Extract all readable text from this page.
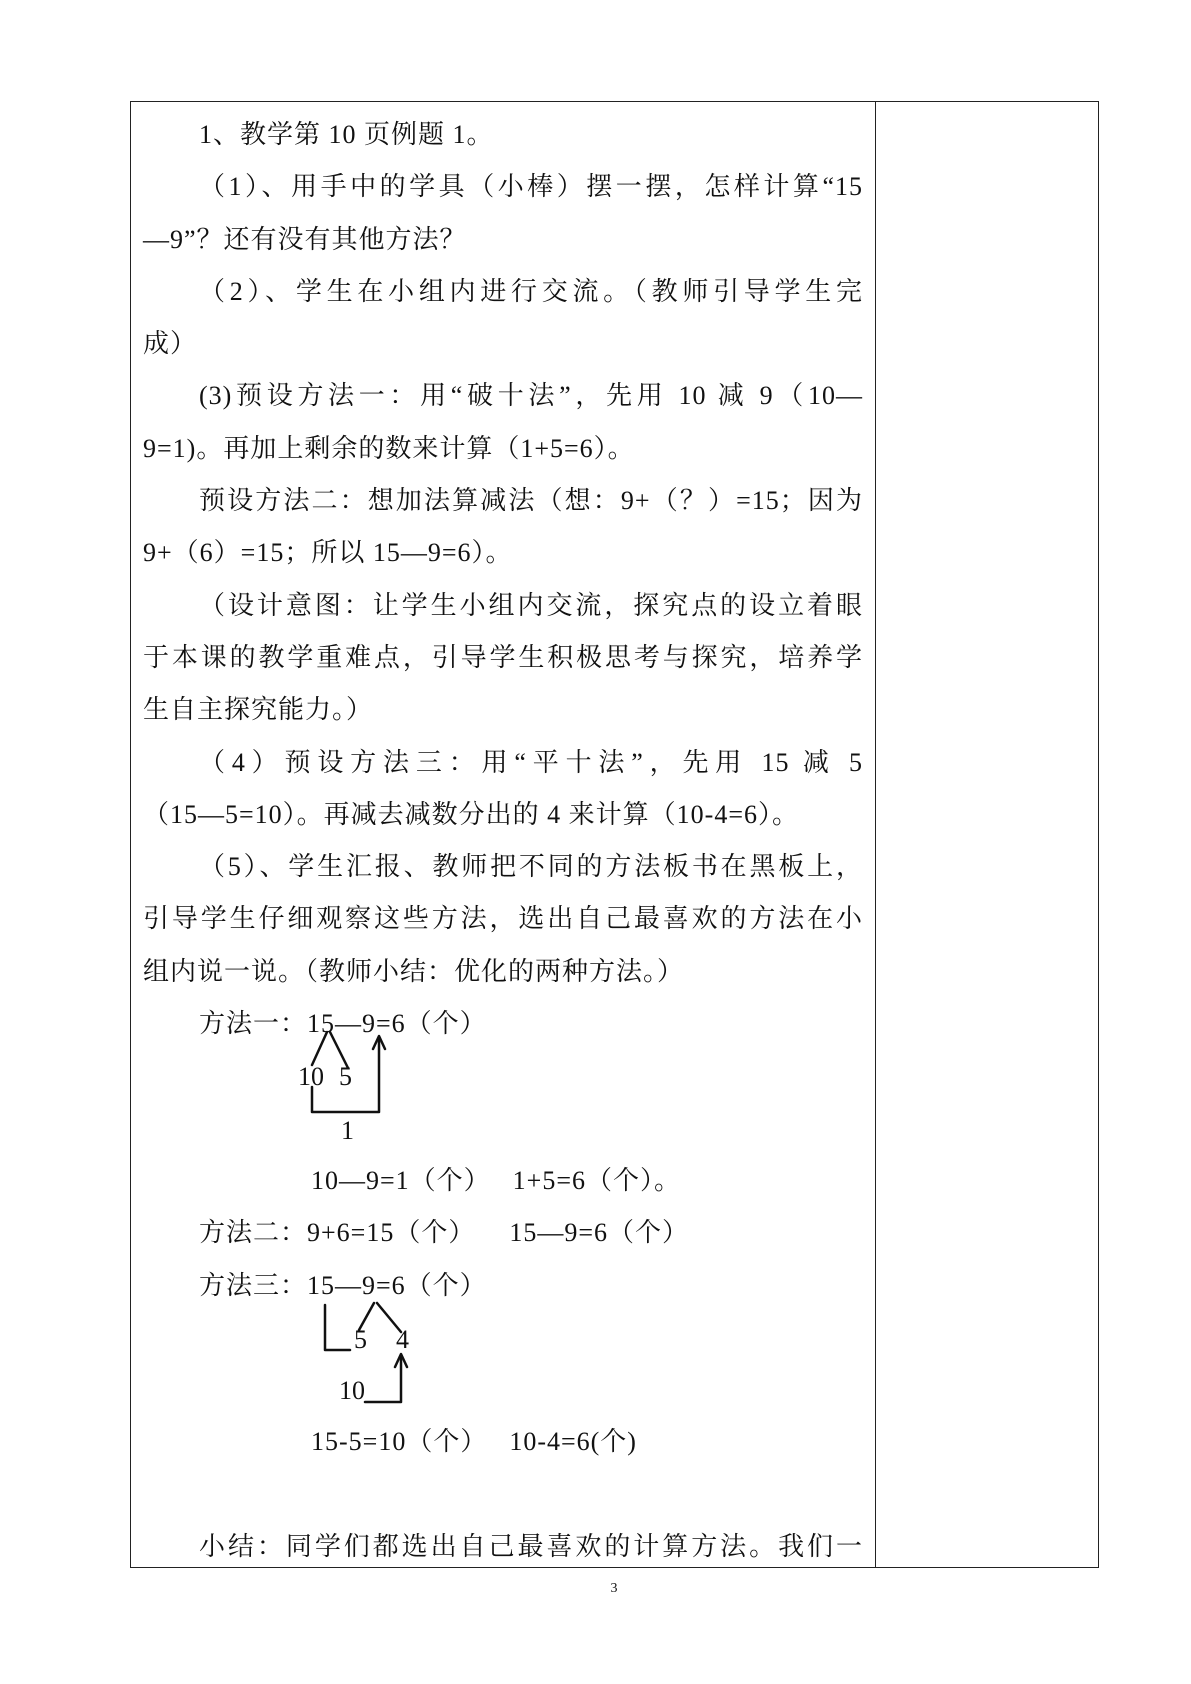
1、教学第 10 页例题 1。
（1）、用手中的学具（小棒）摆一摆，怎样计算“15
—9”？还有没有其他方法？
（2）、学生在小组内进行交流。（教师引导学生完
成）
(3)预设方法一：用“破十法”，先用 10 减 9（10—
9=1)。再加上剩余的数来计算（1+5=6）。
预设方法二：想加法算减法（想：9+（？）=15；因为
9+（6）=15；所以 15—9=6）。
（设计意图：让学生小组内交流，探究点的设立着眼
于本课的教学重难点，引导学生积极思考与探究，培养学
生自主探究能力。）
（4）预设方法三：用“平十法”，先用 15 减 5
（15—5=10）。再减去减数分出的 4 来计算（10-4=6）。
（5）、学生汇报、教师把不同的方法板书在黑板上，
引导学生仔细观察这些方法，选出自己最喜欢的方法在小
组内说一说。（教师小结：优化的两种方法。）
方法一：15—9=6（个）
10—9=1（个） 1+5=6（个）。
方法二：9+6=15（个） 15—9=6（个）
方法三：15—9=6（个）
15-5=10（个） 10-4=6(个)
小结：同学们都选出自己最喜欢的计算方法。我们一
10 5
1
5 4
10
3
